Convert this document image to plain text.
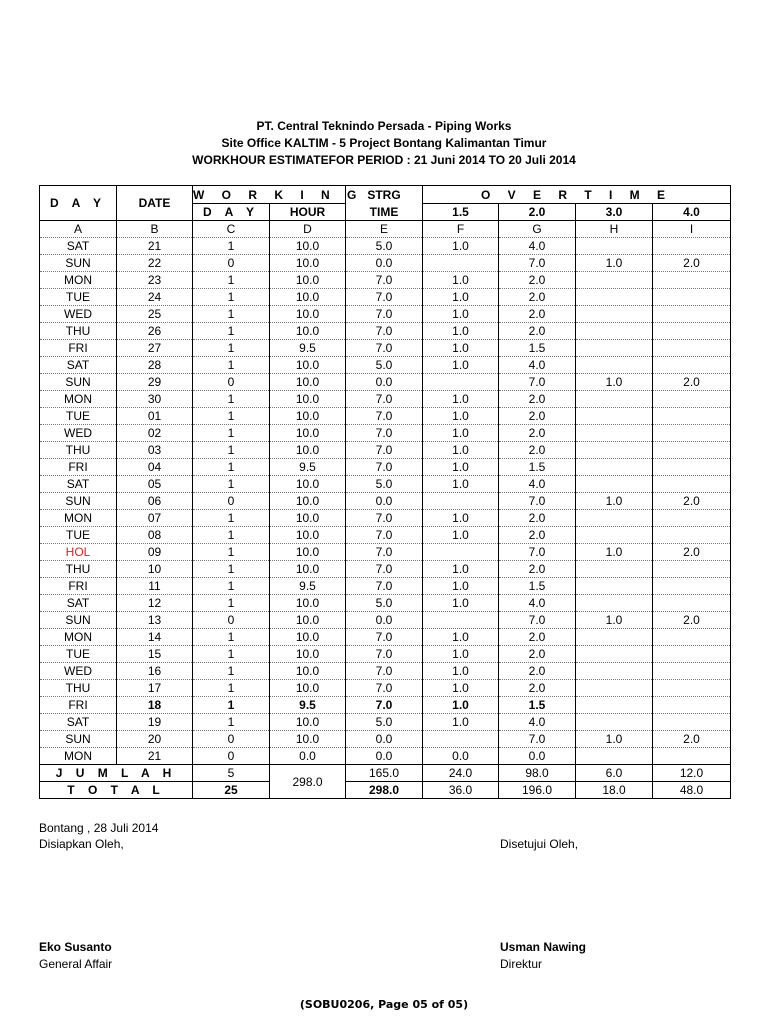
PT. Central Teknindo Persada - Piping Works
Site Office KALTIM - 5 Project Bontang Kalimantan Timur
WORKHOUR ESTIMATEFOR PERIOD : 21 Juni 2014 TO 20 Juli 2014
D A Y	DATE	W O R K I N G		STRG	O V E R T I M E			
		D A Y	HOUR	TIME	1.5	2.0	3.0	4.0
A	B	C	D	E	F	G	H	I
SAT	21	1	10.0	5.0	1.0	4.0		
SUN	22	0	10.0	0.0		7.0	1.0	2.0
MON	23	1	10.0	7.0	1.0	2.0		
TUE	24	1	10.0	7.0	1.0	2.0		
WED	25	1	10.0	7.0	1.0	2.0		
THU	26	1	10.0	7.0	1.0	2.0		
FRI	27	1	9.5	7.0	1.0	1.5		
SAT	28	1	10.0	5.0	1.0	4.0		
SUN	29	0	10.0	0.0		7.0	1.0	2.0
MON	30	1	10.0	7.0	1.0	2.0		
TUE	01	1	10.0	7.0	1.0	2.0		
WED	02	1	10.0	7.0	1.0	2.0		
THU	03	1	10.0	7.0	1.0	2.0		
FRI	04	1	9.5	7.0	1.0	1.5		
SAT	05	1	10.0	5.0	1.0	4.0		
SUN	06	0	10.0	0.0		7.0	1.0	2.0
MON	07	1	10.0	7.0	1.0	2.0		
TUE	08	1	10.0	7.0	1.0	2.0		
HOL	09	1	10.0	7.0		7.0	1.0	2.0
THU	10	1	10.0	7.0	1.0	2.0		
FRI	11	1	9.5	7.0	1.0	1.5		
SAT	12	1	10.0	5.0	1.0	4.0		
SUN	13	0	10.0	0.0		7.0	1.0	2.0
MON	14	1	10.0	7.0	1.0	2.0		
TUE	15	1	10.0	7.0	1.0	2.0		
WED	16	1	10.0	7.0	1.0	2.0		
THU	17	1	10.0	7.0	1.0	2.0		
FRI	18	1	9.5	7.0	1.0	1.5		
SAT	19	1	10.0	5.0	1.0	4.0		
SUN	20	0	10.0	0.0		7.0	1.0	2.0
MON	21	0	0.0	0.0	0.0	0.0		
J U M L A H		5	298.0	165.0	24.0	98.0	6.0	12.0
T O T A L		25		298.0	36.0	196.0	18.0	48.0
Bontang , 28 Juli 2014
Disiapkan Oleh,	Disetujui Oleh,
Eko Susanto
General Affair
Usman Nawing
Direktur
(SOBU0206, Page 05 of 05)
